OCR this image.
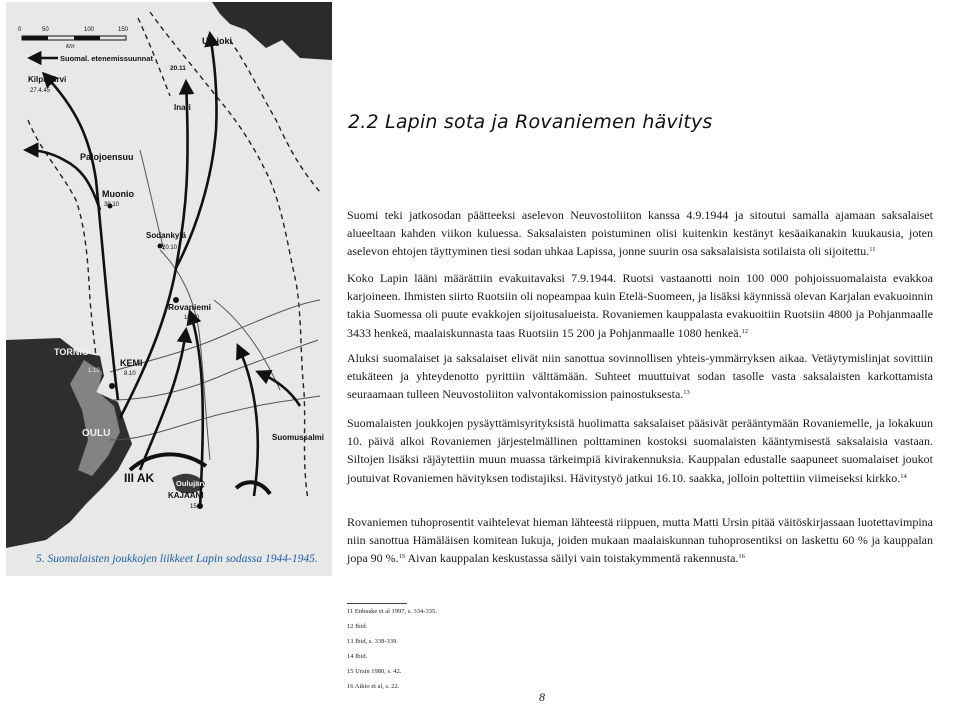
0	50	100	150
km
Suomal. etenemissuunnat
Utsjoki
Kilpisjärvi
27.4.45
20.11
Inari
Palojoensuu
Muonio
30.10
Sodankylä
20.10
Rovaniemi
16.10
TORNIO
1.10
KEMI
8.10
OULU	Suomussalmi
III AK	Oulujärvi
KAJAANI
15.9
5. Suomalaisten joukkojen liikkeet Lapin sodassa 1944-1945.
2.2 Lapin sota ja Rovaniemen hävitys

Suomi teki jatkosodan päätteeksi aselevon Neuvostoliiton kanssa 4.9.1944 ja sitoutui samalla ajamaan saksalaiset alueeltaan kahden viikon kuluessa. Saksalaisten poistuminen olisi kuitenkin kestänyt kesäaikanakin kuukausia, joten aselevon ehtojen täyttyminen tiesi sodan uhkaa Lapissa, jonne suurin osa saksalaisista sotilaista oli sijoitettu.$^{11}$

Koko Lapin lääni määrättiin evakuitavaksi 7.9.1944. Ruotsi vastaanotti noin 100 000 pohjoissuomalaista evakkoa karjoineen. Ihmisten siirto Ruotsiin oli nopeampaa kuin Etelä-Suomeen, ja lisäksi käynnissä olevan Karjalan evakuoinnin takia Suomessa oli puute evakkojen sijoitusalueista. Rovaniemen kauppalasta evakuoitiin Ruotsiin 4800 ja Pohjanmaalle 3433 henkeä, maalaiskunnasta taas Ruotsiin 15 200 ja Pohjanmaalle 1080 henkeä.$^{12}$

Aluksi suomalaiset ja saksalaiset elivät niin sanottua sovinnollisen yhteis-ymmärryksen aikaa. Vetäytymislinjat sovittiin etukäteen ja yhteydenotto pyrittiin välttämään. Suhteet muuttuivat sodan tasolle vasta saksalaisten karkottamista seuraamaan tulleen Neuvostoliiton valvontakomission painostuksesta.$^{13}$

Suomalaisten joukkojen pysäyttämisyrityksistä huolimatta saksalaiset pääsivät perääntymään Rovaniemelle, ja lokakuun 10. päivä alkoi Rovaniemen järjestelmällinen polttaminen kostoksi suomalaisten kääntymisestä saksalaisia vastaan. Siltojen lisäksi räjäytettiin muun muassa tärkeimpiä kivirakennuksia. Kauppalan edustalle saapuneet suomalaiset joukot joutuivat Rovaniemen hävityksen todistajiksi. Hävitystyö jatkui 16.10. saakka, jolloin poltettiin viimeiseksi kirkko.$^{14}$

Rovaniemen tuhoprosentit vaihtelevat hieman lähteestä riippuen, mutta Matti Ursin pitää väitöskirjassaan luotettavimpina niin sanottua Hämäläisen komitean lukuja, joiden mukaan maalaiskunnan tuhoprosentiksi on laskettu 60 % ja kauppalan jopa 90 %.$^{15}$ Aivan kauppalan keskustassa säilyi vain toistakymmentä rakennusta.$^{16}$

11 Enbuske et al 1997, s. 334-335.
12 Ibid.
13 Ibid, s. 338-339.
14 Ibid.
15 Ursin 1980, s. 42.
16 Aikio et al, s. 22.
8
